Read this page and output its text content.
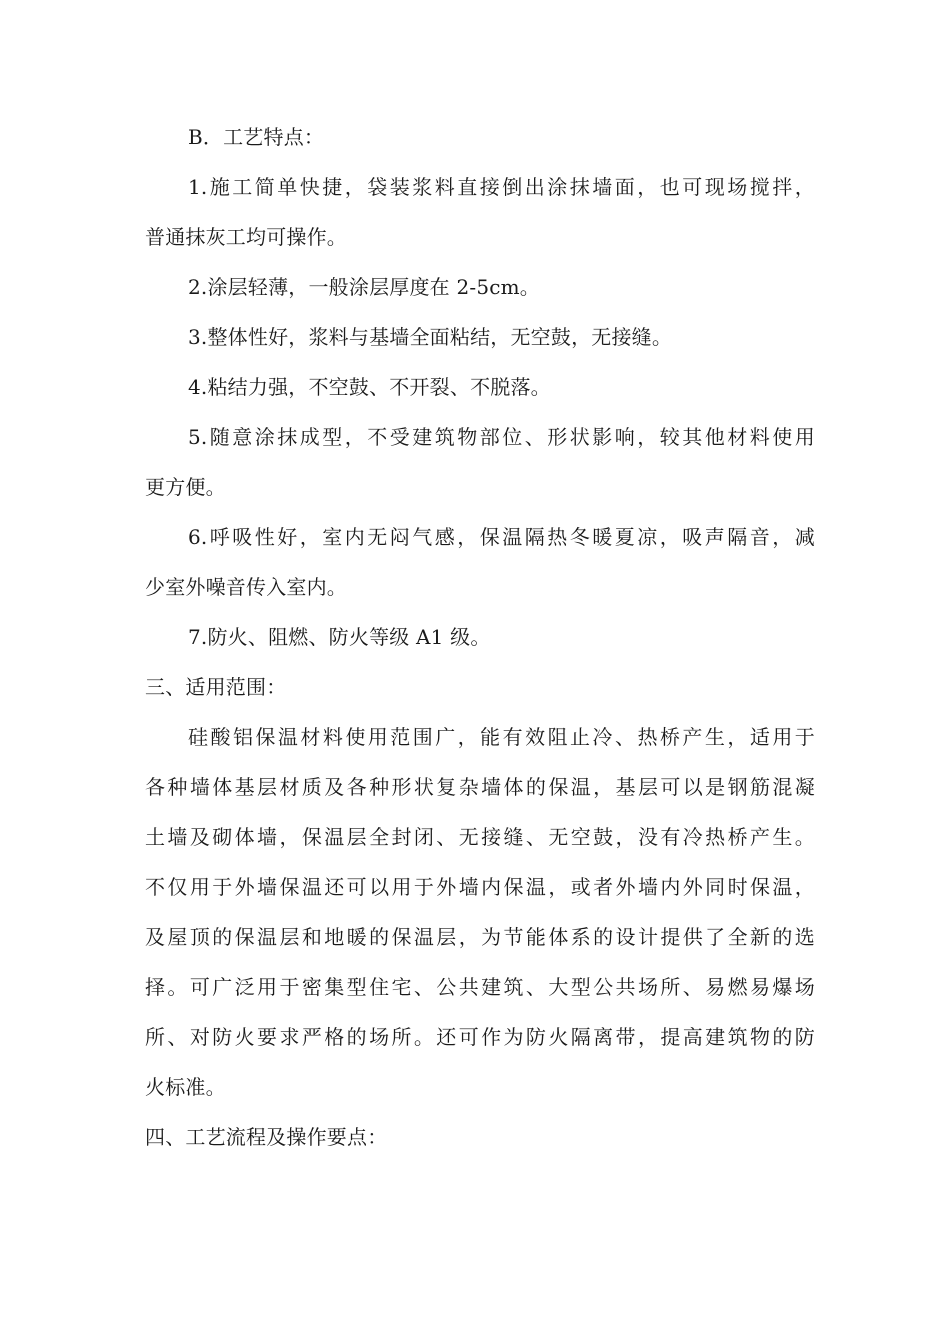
B．工艺特点：
1.施工简单快捷，袋装浆料直接倒出涂抹墙面，也可现场搅拌，
普通抹灰工均可操作。
2.涂层轻薄，一般涂层厚度在 2-5cm。
3.整体性好，浆料与基墙全面粘结，无空鼓，无接缝。
4.粘结力强，不空鼓、不开裂、不脱落。
5.随意涂抹成型，不受建筑物部位、形状影响，较其他材料使用
更方便。
6.呼吸性好，室内无闷气感，保温隔热冬暖夏凉，吸声隔音，减
少室外噪音传入室内。
7.防火、阻燃、防火等级 A1 级。
三、适用范围：
硅酸铝保温材料使用范围广，能有效阻止冷、热桥产生，适用于
各种墙体基层材质及各种形状复杂墙体的保温，基层可以是钢筋混凝
土墙及砌体墙，保温层全封闭、无接缝、无空鼓，没有冷热桥产生。
不仅用于外墙保温还可以用于外墙内保温，或者外墙内外同时保温，
及屋顶的保温层和地暖的保温层，为节能体系的设计提供了全新的选
择。可广泛用于密集型住宅、公共建筑、大型公共场所、易燃易爆场
所、对防火要求严格的场所。还可作为防火隔离带，提高建筑物的防
火标准。
四、工艺流程及操作要点：
